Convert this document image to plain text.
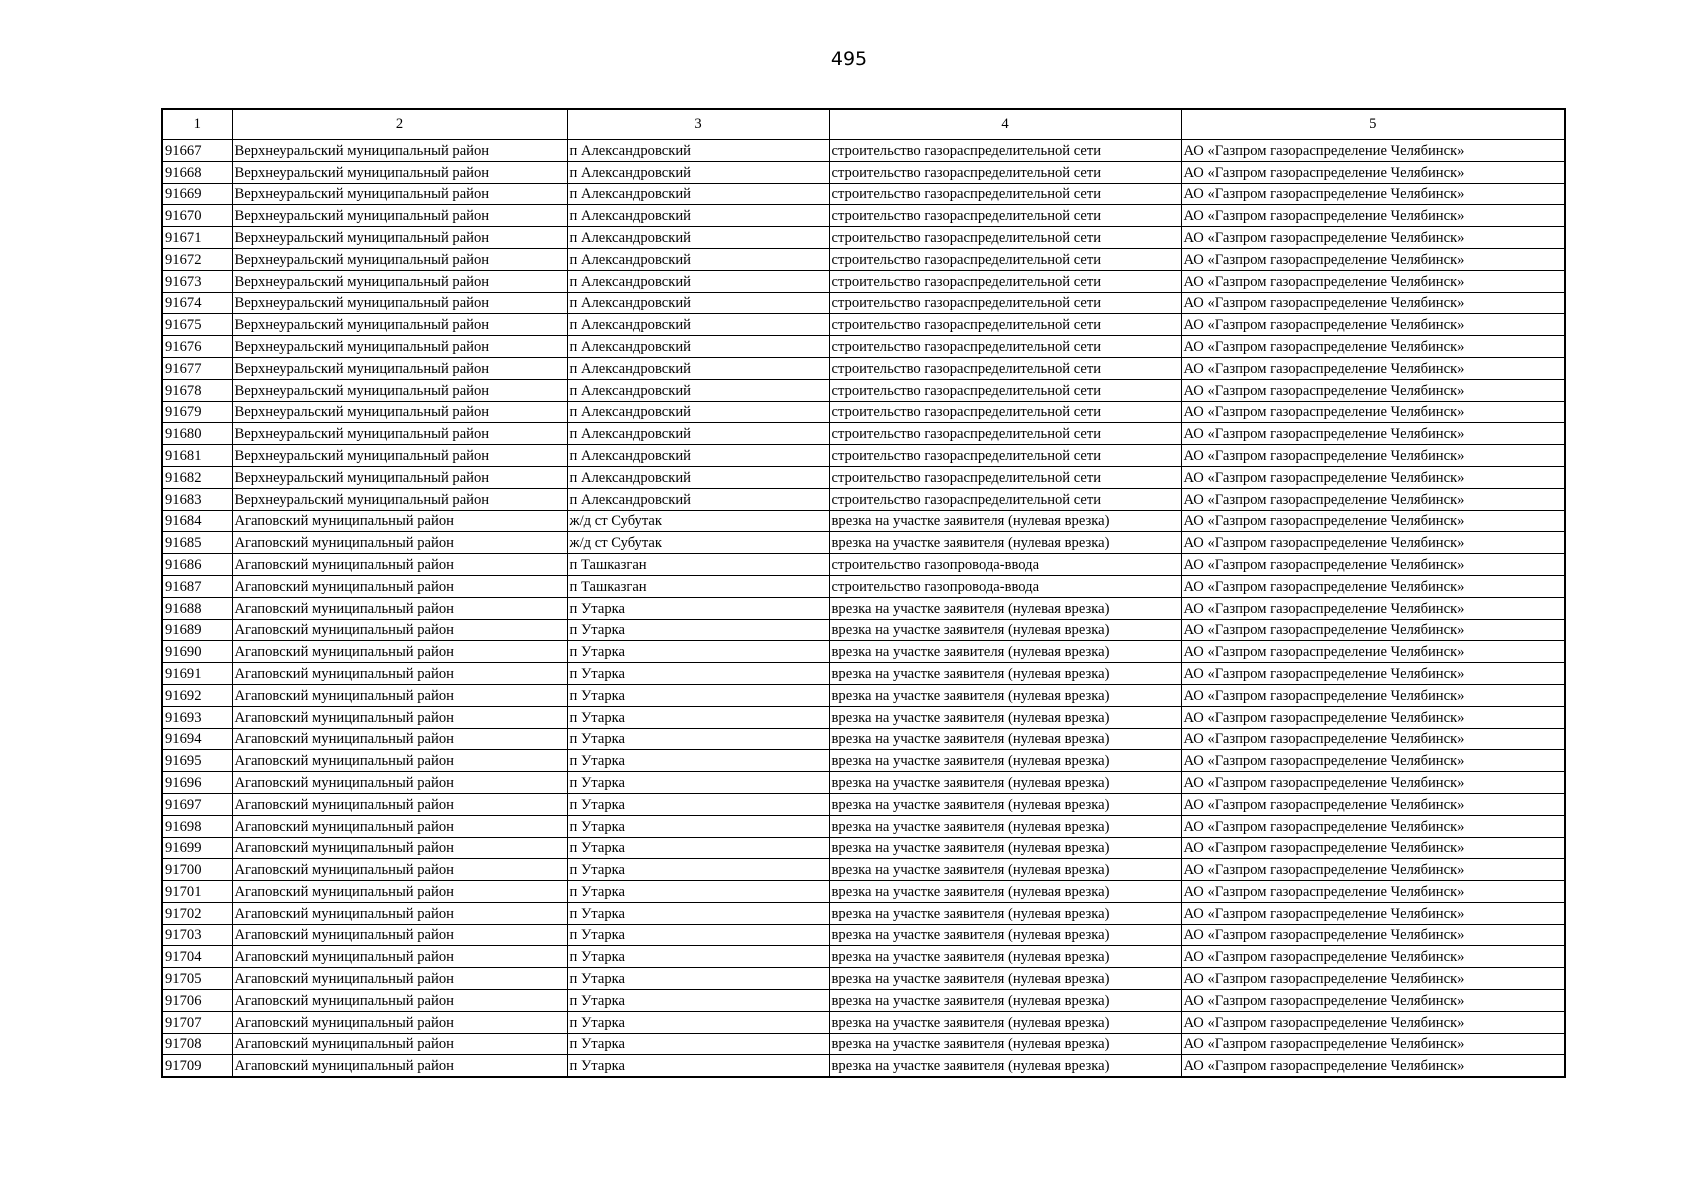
495
1	2	3	4	5
91667	Верхнеуральский муниципальный район	п Александровский	строительство газораспределительной сети	АО «Газпром газораспределение Челябинск»
91668	Верхнеуральский муниципальный район	п Александровский	строительство газораспределительной сети	АО «Газпром газораспределение Челябинск»
91669	Верхнеуральский муниципальный район	п Александровский	строительство газораспределительной сети	АО «Газпром газораспределение Челябинск»
91670	Верхнеуральский муниципальный район	п Александровский	строительство газораспределительной сети	АО «Газпром газораспределение Челябинск»
91671	Верхнеуральский муниципальный район	п Александровский	строительство газораспределительной сети	АО «Газпром газораспределение Челябинск»
91672	Верхнеуральский муниципальный район	п Александровский	строительство газораспределительной сети	АО «Газпром газораспределение Челябинск»
91673	Верхнеуральский муниципальный район	п Александровский	строительство газораспределительной сети	АО «Газпром газораспределение Челябинск»
91674	Верхнеуральский муниципальный район	п Александровский	строительство газораспределительной сети	АО «Газпром газораспределение Челябинск»
91675	Верхнеуральский муниципальный район	п Александровский	строительство газораспределительной сети	АО «Газпром газораспределение Челябинск»
91676	Верхнеуральский муниципальный район	п Александровский	строительство газораспределительной сети	АО «Газпром газораспределение Челябинск»
91677	Верхнеуральский муниципальный район	п Александровский	строительство газораспределительной сети	АО «Газпром газораспределение Челябинск»
91678	Верхнеуральский муниципальный район	п Александровский	строительство газораспределительной сети	АО «Газпром газораспределение Челябинск»
91679	Верхнеуральский муниципальный район	п Александровский	строительство газораспределительной сети	АО «Газпром газораспределение Челябинск»
91680	Верхнеуральский муниципальный район	п Александровский	строительство газораспределительной сети	АО «Газпром газораспределение Челябинск»
91681	Верхнеуральский муниципальный район	п Александровский	строительство газораспределительной сети	АО «Газпром газораспределение Челябинск»
91682	Верхнеуральский муниципальный район	п Александровский	строительство газораспределительной сети	АО «Газпром газораспределение Челябинск»
91683	Верхнеуральский муниципальный район	п Александровский	строительство газораспределительной сети	АО «Газпром газораспределение Челябинск»
91684	Агаповский муниципальный район	ж/д ст Субутак	врезка на участке заявителя (нулевая врезка)	АО «Газпром газораспределение Челябинск»
91685	Агаповский муниципальный район	ж/д ст Субутак	врезка на участке заявителя (нулевая врезка)	АО «Газпром газораспределение Челябинск»
91686	Агаповский муниципальный район	п Ташказган	строительство газопровода-ввода	АО «Газпром газораспределение Челябинск»
91687	Агаповский муниципальный район	п Ташказган	строительство газопровода-ввода	АО «Газпром газораспределение Челябинск»
91688	Агаповский муниципальный район	п Утарка	врезка на участке заявителя (нулевая врезка)	АО «Газпром газораспределение Челябинск»
91689	Агаповский муниципальный район	п Утарка	врезка на участке заявителя (нулевая врезка)	АО «Газпром газораспределение Челябинск»
91690	Агаповский муниципальный район	п Утарка	врезка на участке заявителя (нулевая врезка)	АО «Газпром газораспределение Челябинск»
91691	Агаповский муниципальный район	п Утарка	врезка на участке заявителя (нулевая врезка)	АО «Газпром газораспределение Челябинск»
91692	Агаповский муниципальный район	п Утарка	врезка на участке заявителя (нулевая врезка)	АО «Газпром газораспределение Челябинск»
91693	Агаповский муниципальный район	п Утарка	врезка на участке заявителя (нулевая врезка)	АО «Газпром газораспределение Челябинск»
91694	Агаповский муниципальный район	п Утарка	врезка на участке заявителя (нулевая врезка)	АО «Газпром газораспределение Челябинск»
91695	Агаповский муниципальный район	п Утарка	врезка на участке заявителя (нулевая врезка)	АО «Газпром газораспределение Челябинск»
91696	Агаповский муниципальный район	п Утарка	врезка на участке заявителя (нулевая врезка)	АО «Газпром газораспределение Челябинск»
91697	Агаповский муниципальный район	п Утарка	врезка на участке заявителя (нулевая врезка)	АО «Газпром газораспределение Челябинск»
91698	Агаповский муниципальный район	п Утарка	врезка на участке заявителя (нулевая врезка)	АО «Газпром газораспределение Челябинск»
91699	Агаповский муниципальный район	п Утарка	врезка на участке заявителя (нулевая врезка)	АО «Газпром газораспределение Челябинск»
91700	Агаповский муниципальный район	п Утарка	врезка на участке заявителя (нулевая врезка)	АО «Газпром газораспределение Челябинск»
91701	Агаповский муниципальный район	п Утарка	врезка на участке заявителя (нулевая врезка)	АО «Газпром газораспределение Челябинск»
91702	Агаповский муниципальный район	п Утарка	врезка на участке заявителя (нулевая врезка)	АО «Газпром газораспределение Челябинск»
91703	Агаповский муниципальный район	п Утарка	врезка на участке заявителя (нулевая врезка)	АО «Газпром газораспределение Челябинск»
91704	Агаповский муниципальный район	п Утарка	врезка на участке заявителя (нулевая врезка)	АО «Газпром газораспределение Челябинск»
91705	Агаповский муниципальный район	п Утарка	врезка на участке заявителя (нулевая врезка)	АО «Газпром газораспределение Челябинск»
91706	Агаповский муниципальный район	п Утарка	врезка на участке заявителя (нулевая врезка)	АО «Газпром газораспределение Челябинск»
91707	Агаповский муниципальный район	п Утарка	врезка на участке заявителя (нулевая врезка)	АО «Газпром газораспределение Челябинск»
91708	Агаповский муниципальный район	п Утарка	врезка на участке заявителя (нулевая врезка)	АО «Газпром газораспределение Челябинск»
91709	Агаповский муниципальный район	п Утарка	врезка на участке заявителя (нулевая врезка)	АО «Газпром газораспределение Челябинск»
